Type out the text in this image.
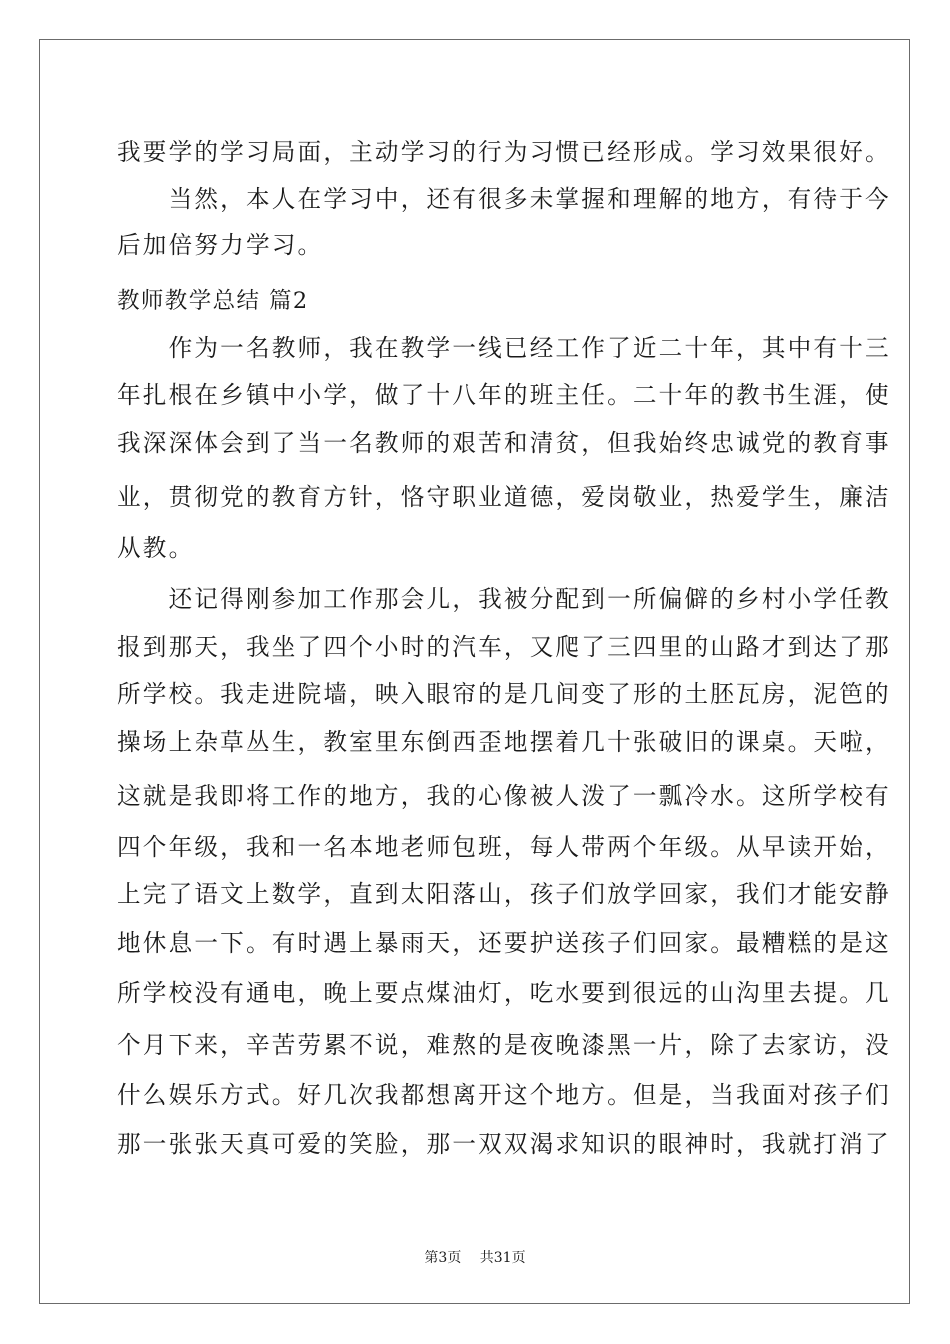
我要学的学习局面，主动学习的行为习惯已经形成。学习效果很好。
　　当然，本人在学习中，还有很多未掌握和理解的地方，有待于今
后加倍努力学习。
教师教学总结 篇2
　　作为一名教师，我在教学一线已经工作了近二十年，其中有十三
年扎根在乡镇中小学，做了十八年的班主任。二十年的教书生涯，使
我深深体会到了当一名教师的艰苦和清贫，但我始终忠诚党的教育事
业，贯彻党的教育方针，恪守职业道德，爱岗敬业，热爱学生，廉洁
从教。
　　还记得刚参加工作那会儿，我被分配到一所偏僻的乡村小学任教
报到那天，我坐了四个小时的汽车，又爬了三四里的山路才到达了那
所学校。我走进院墙，映入眼帘的是几间变了形的土胚瓦房，泥笆的
操场上杂草丛生，教室里东倒西歪地摆着几十张破旧的课桌。天啦，
这就是我即将工作的地方，我的心像被人泼了一瓢冷水。这所学校有
四个年级，我和一名本地老师包班，每人带两个年级。从早读开始，
上完了语文上数学，直到太阳落山，孩子们放学回家，我们才能安静
地休息一下。有时遇上暴雨天，还要护送孩子们回家。最糟糕的是这
所学校没有通电，晚上要点煤油灯，吃水要到很远的山沟里去提。几
个月下来，辛苦劳累不说，难熬的是夜晚漆黑一片，除了去家访，没
什么娱乐方式。好几次我都想离开这个地方。但是，当我面对孩子们
那一张张天真可爱的笑脸，那一双双渴求知识的眼神时，我就打消了
第3页　 共31页
